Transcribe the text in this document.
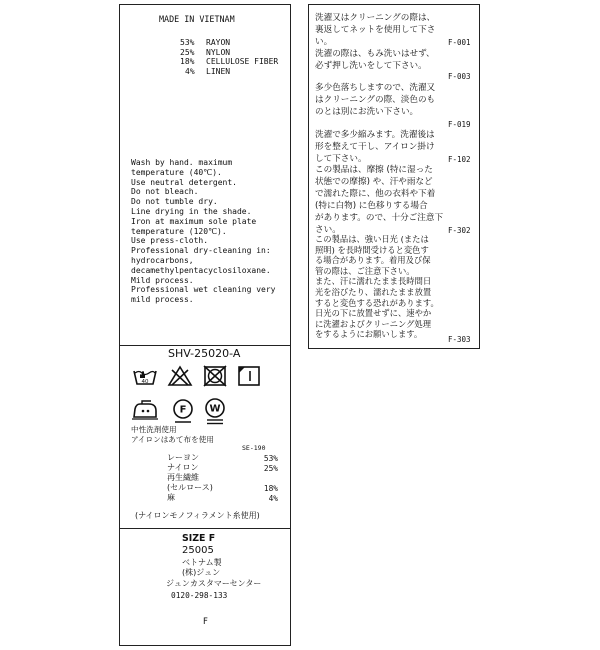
MADE IN VIETNAM
53% RAYON
25% NYLON
18% CELLULOSE FIBER
4% LINEN
Wash by hand. maximum
temperature (40℃).
Use neutral detergent.
Do not bleach.
Do not tumble dry.
Line drying in the shade.
Iron at maximum sole plate
temperature (120℃).
Use press-cloth.
Professional dry-cleaning in:
hydrocarbons,
decamethylpentacyclosiloxane.
Mild process.
Professional wet cleaning very
mild process.
SHV-25020-A
40
F W
中性洗剤使用
アイロンはあて布を使用
SE-190
レーヨン	53%
ナイロン	25%
再生繊維
(セルロース)	18%
麻	4%
(ナイロンモノフィラメント糸使用)
SIZE F
25005
ベトナム製
(株)ジュン
ジュンカスタマーセンター
0120-298-133
F
洗濯又はクリーニングの際は、
裏返してネットを使用して下さ
い。	F-001
洗濯の際は、もみ洗いはせず、
必ず押し洗いをして下さい。
F-003
多少色落ちしますので、洗濯又
はクリーニングの際、淡色のも
のとは別にお洗い下さい。
F-019
洗濯で多少縮みます。洗濯後は
形を整えて干し、アイロン掛け
して下さい。	F-102
この製品は、摩擦 (特に湿った
状態での摩擦) や、汗や雨など
で濡れた際に、他の衣料や下着
(特に白物) に色移りする場合
があります。ので、十分ご注意下
さい。	F-302
この製品は、強い日光 (または
照明) を長時間受けると変色す
る場合があります。着用及び保
管の際は、ご注意下さい。
また、汗に濡れたまま長時間日
光を浴びたり、濡れたまま放置
すると変色する恐れがあります。
日光の下に放置せずに、速やか
に洗濯およびクリーニング処理
をするようにお願いします。
F-303
